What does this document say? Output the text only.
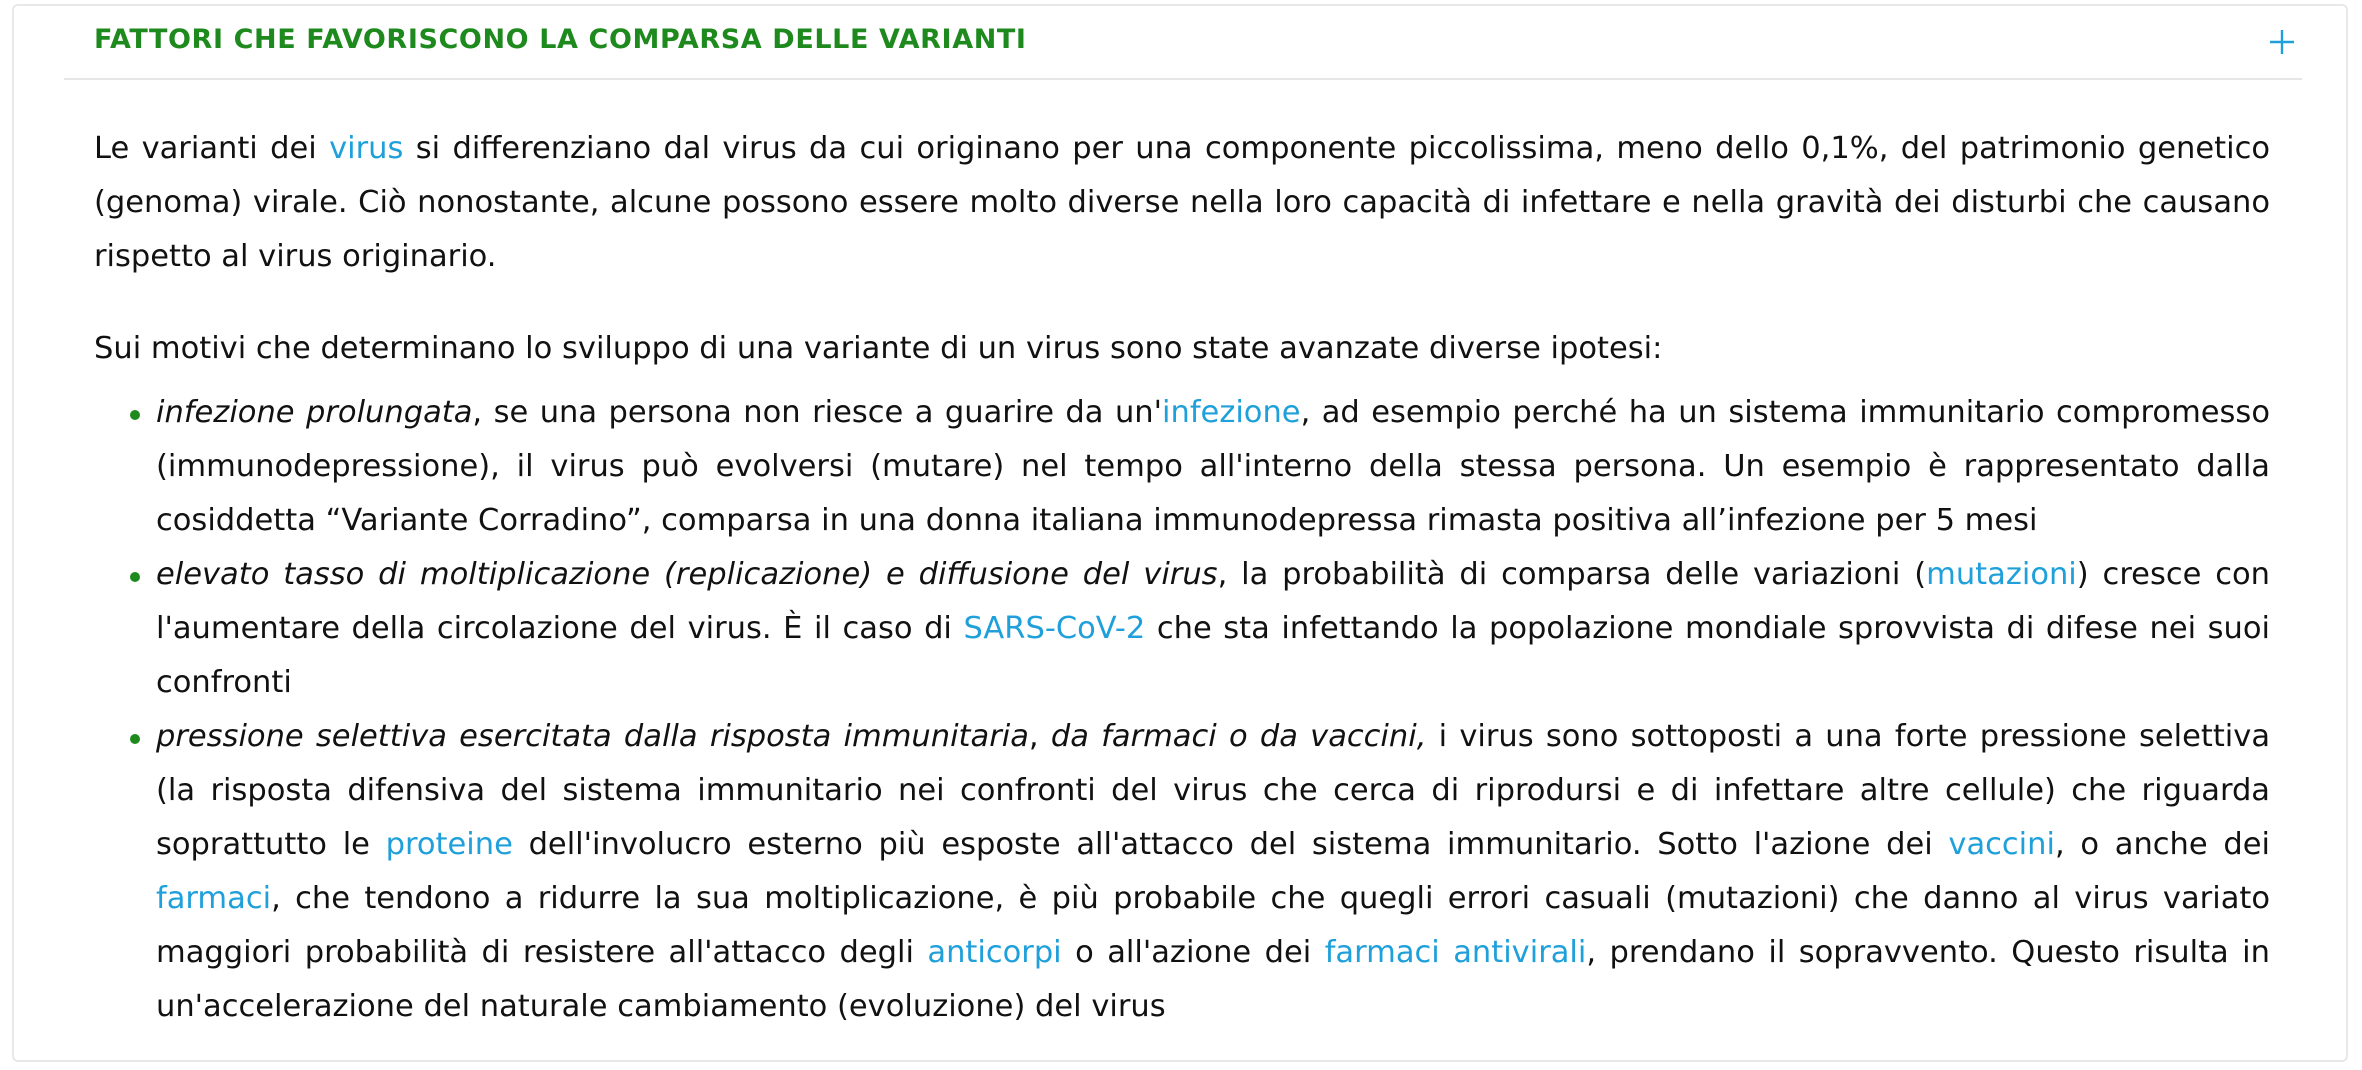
FATTORI CHE FAVORISCONO LA COMPARSA DELLE VARIANTI

Le varianti dei virus si differenziano dal virus da cui originano per una componente piccolissima, meno dello 0,1%, del patrimonio genetico (genoma) virale. Ciò nonostante, alcune possono essere molto diverse nella loro capacità di infettare e nella gravità dei disturbi che causano rispetto al virus originario.

Sui motivi che determinano lo sviluppo di una variante di un virus sono state avanzate diverse ipotesi:

infezione prolungata, se una persona non riesce a guarire da un'infezione, ad esempio perché ha un sistema immunitario compromesso (immunodepressione), il virus può evolversi (mutare) nel tempo all'interno della stessa persona. Un esempio è rappresentato dalla cosiddetta “Variante Corradino”, comparsa in una donna italiana immunodepressa rimasta positiva all’infezione per 5 mesi
elevato tasso di moltiplicazione (replicazione) e diffusione del virus, la probabilità di comparsa delle variazioni (mutazioni) cresce con l'aumentare della circolazione del virus. È il caso di SARS-CoV-2 che sta infettando la popolazione mondiale sprovvista di difese nei suoi confronti
pressione selettiva esercitata dalla risposta immunitaria, da farmaci o da vaccini, i virus sono sottoposti a una forte pressione selettiva (la risposta difensiva del sistema immunitario nei confronti del virus che cerca di riprodursi e di infettare altre cellule) che riguarda soprattutto le proteine dell'involucro esterno più esposte all'attacco del sistema immunitario. Sotto l'azione dei vaccini, o anche dei farmaci, che tendono a ridurre la sua moltiplicazione, è più probabile che quegli errori casuali (mutazioni) che danno al virus variato maggiori probabilità di resistere all'attacco degli anticorpi o all'azione dei farmaci antivirali, prendano il sopravvento. Questo risulta in un'accelerazione del naturale cambiamento (evoluzione) del virus
